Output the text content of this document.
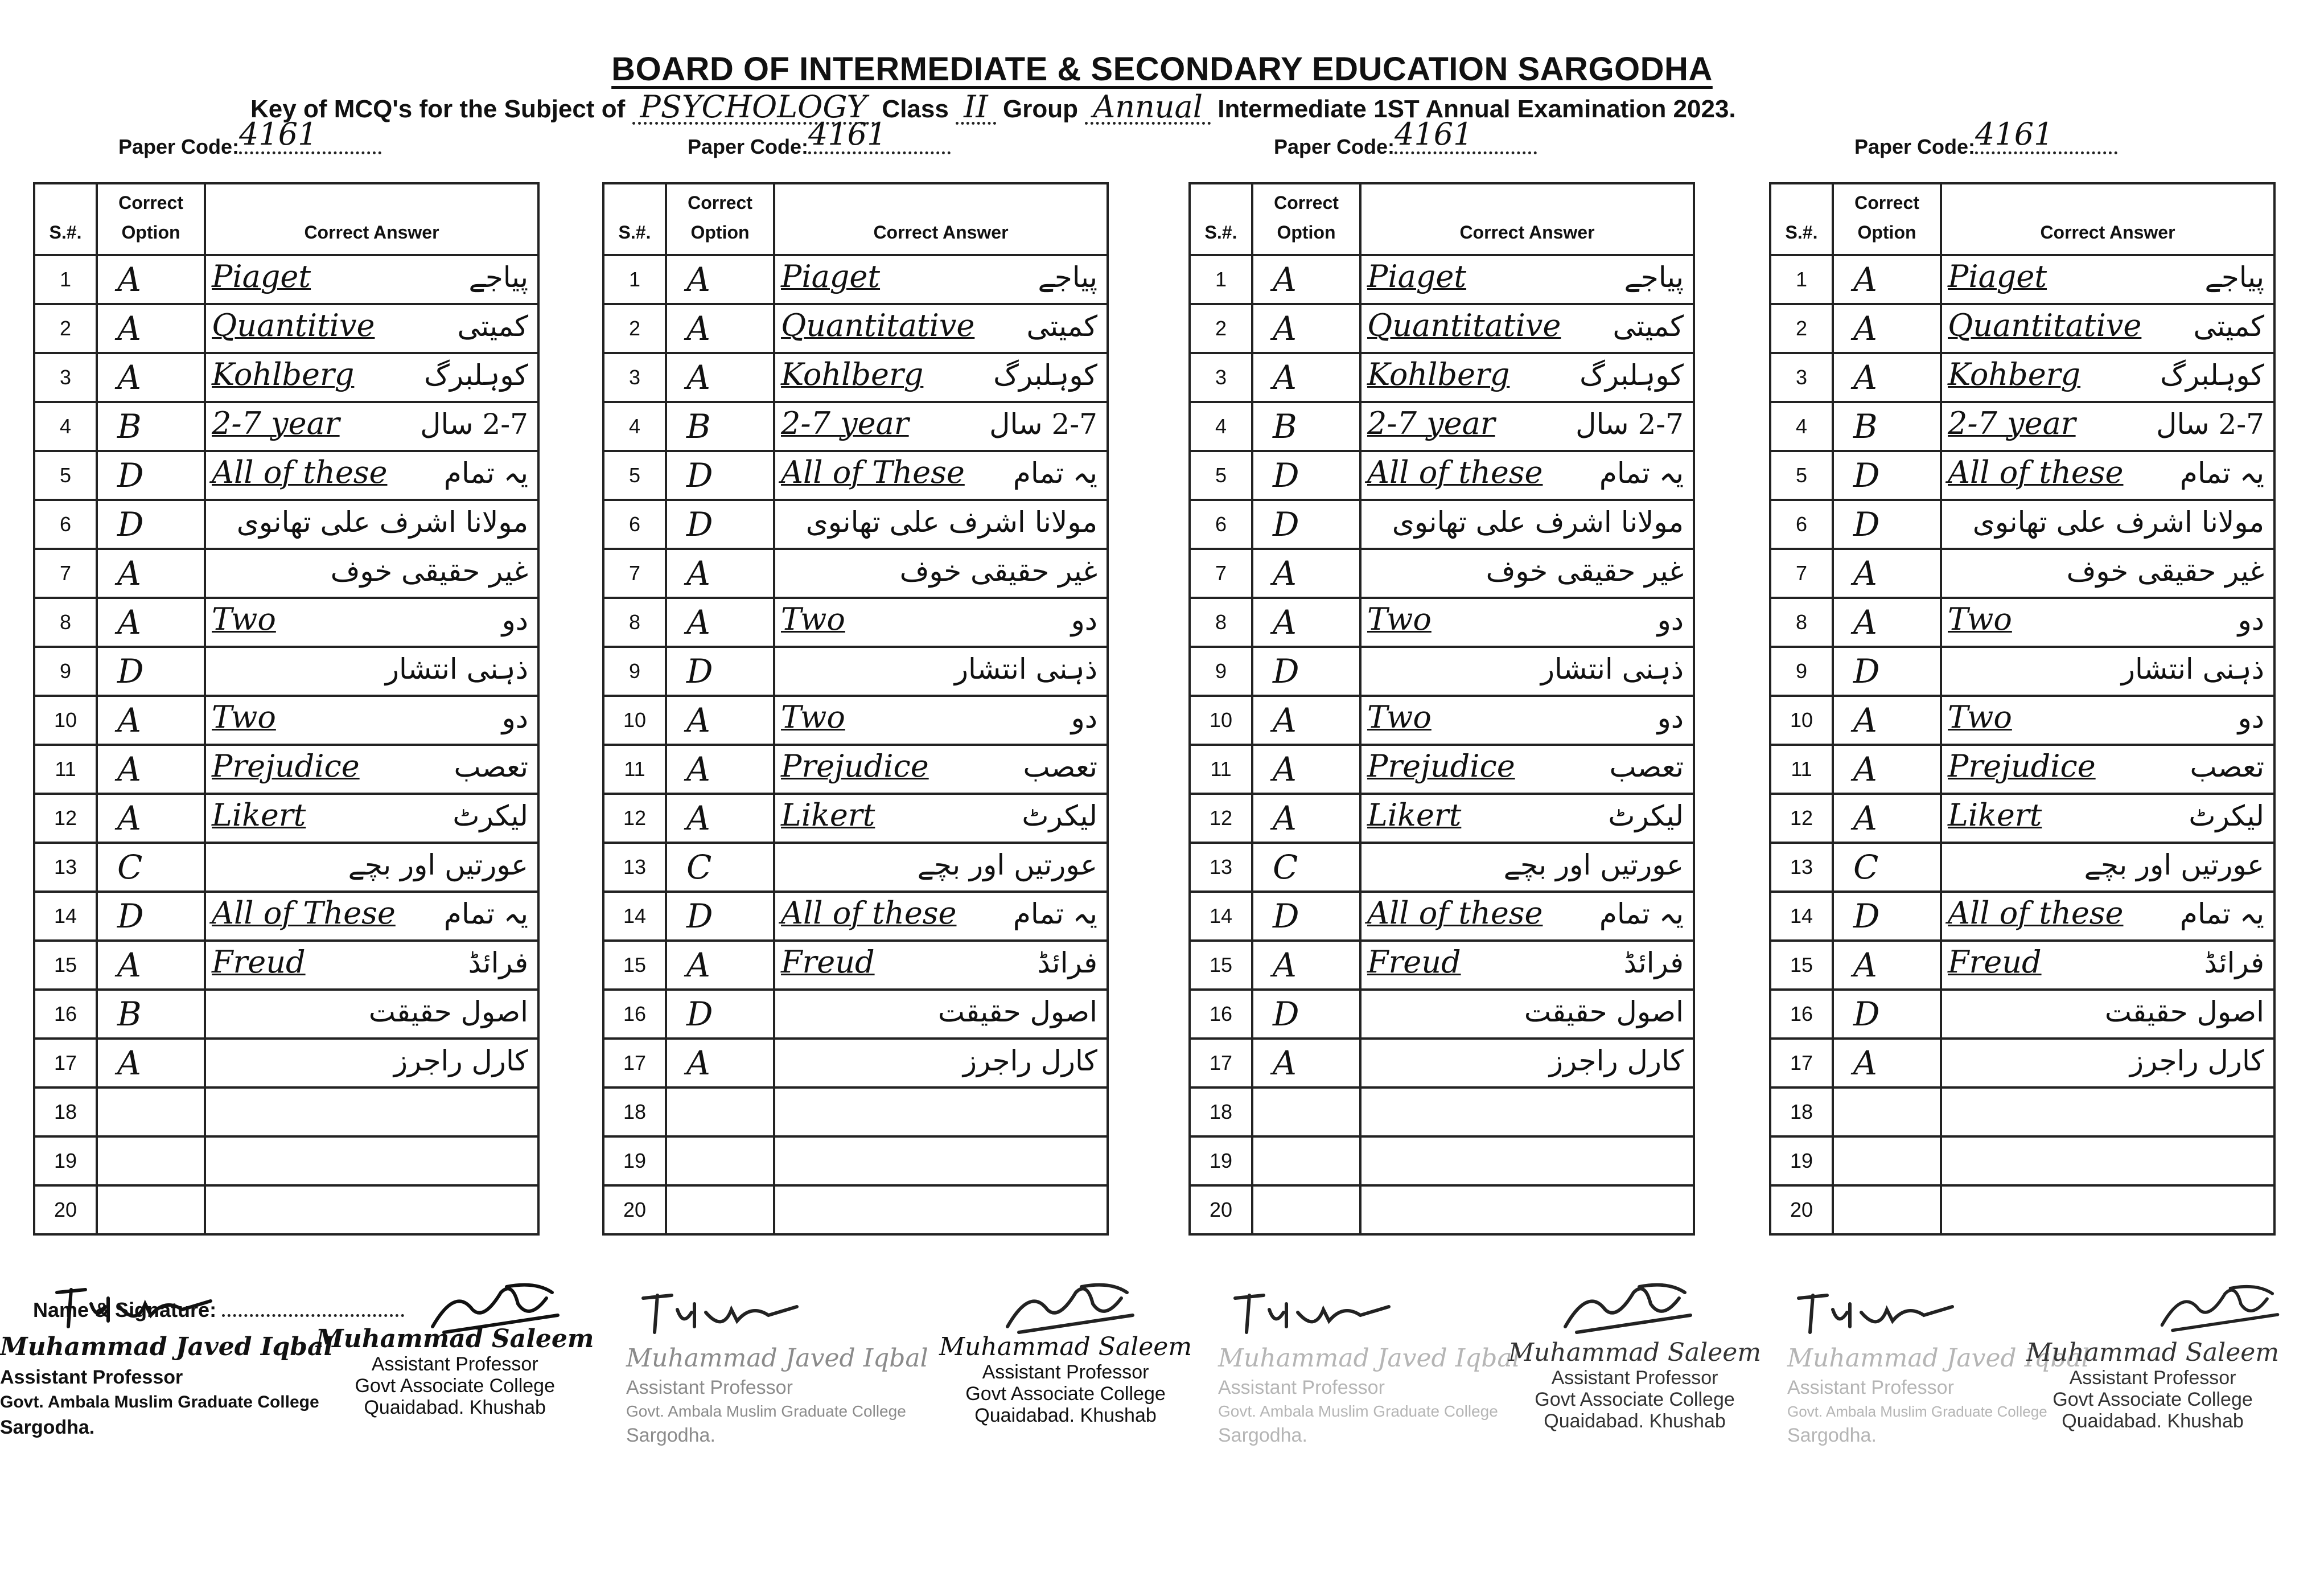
BOARD OF INTERMEDIATE & SECONDARY EDUCATION SARGODHA
Key of MCQ's for the Subject of PSYCHOLOGY Class II Group Annual Intermediate 1ST Annual Examination 2023.
Paper Code:4161
S.#.	Correct
Option	Correct Answer
1	A	Piaget پیاجے

2	A	Quantitive کمیتی

3	A	Kohlberg کوہلبرگ

4	B	2-7 year 2-7 سال

5	D	All of these یہ تمام

6	D	مولانا اشرف علی تھانوی

7	A	غیر حقیقی خوف

8	A	Two دو

9	D	ذہنی انتشار

10	A	Two دو

11	A	Prejudice تعصب

12	A	Likert لیکرٹ

13	C	عورتیں اور بچے

14	D	All of These یہ تمام

15	A	Freud فرائڈ

16	B	اصول حقیقت

17	A	کارل راجرز

18		

19		

20		
Paper Code:4161
S.#.	Correct
Option	Correct Answer
1	A	Piaget پیاجے

2	A	Quantitative کمیتی

3	A	Kohlberg کوہلبرگ

4	B	2-7 year 2-7 سال

5	D	All of These یہ تمام

6	D	مولانا اشرف علی تھانوی

7	A	غیر حقیقی خوف

8	A	Two دو

9	D	ذہنی انتشار

10	A	Two دو

11	A	Prejudice تعصب

12	A	Likert لیکرٹ

13	C	عورتیں اور بچے

14	D	All of these یہ تمام

15	A	Freud فرائڈ

16	D	اصول حقیقت

17	A	کارل راجرز

18		

19		

20		
Paper Code:4161
S.#.	Correct
Option	Correct Answer
1	A	Piaget پیاجے

2	A	Quantitative کمیتی

3	A	Kohlberg کوہلبرگ

4	B	2-7 year 2-7 سال

5	D	All of these یہ تمام

6	D	مولانا اشرف علی تھانوی

7	A	غیر حقیقی خوف

8	A	Two دو

9	D	ذہنی انتشار

10	A	Two دو

11	A	Prejudice تعصب

12	A	Likert لیکرٹ

13	C	عورتیں اور بچے

14	D	All of these یہ تمام

15	A	Freud فرائڈ

16	D	اصول حقیقت

17	A	کارل راجرز

18		

19		

20		
Paper Code:4161
S.#.	Correct
Option	Correct Answer
1	A	Piaget پیاجے

2	A	Quantitative کمیتی

3	A	Kohberg کوہلبرگ

4	B	2-7 year 2-7 سال

5	D	All of these یہ تمام

6	D	مولانا اشرف علی تھانوی

7	A	غیر حقیقی خوف

8	A	Two دو

9	D	ذہنی انتشار

10	A	Two دو

11	A	Prejudice تعصب

12	A	Likert لیکرٹ

13	C	عورتیں اور بچے

14	D	All of these یہ تمام

15	A	Freud فرائڈ

16	D	اصول حقیقت

17	A	کارل راجرز

18		

19		

20		
Name & Signature:
Muhammad Javed Iqbal
Assistant Professor
Govt. Ambala Muslim Graduate College
Sargodha.
Muhammad Saleem
Assistant Professor
Govt Associate College
Quaidabad. Khushab
Muhammad Javed Iqbal
Assistant Professor
Govt. Ambala Muslim Graduate College
Sargodha.
Muhammad Saleem
Assistant Professor
Govt Associate College
Quaidabad. Khushab
Muhammad Javed Iqbal
Assistant Professor
Govt. Ambala Muslim Graduate College
Sargodha.
Muhammad Saleem
Assistant Professor
Govt Associate College
Quaidabad. Khushab
Muhammad Javed Iqbal
Assistant Professor
Govt. Ambala Muslim Graduate College
Sargodha.
Muhammad Saleem
Assistant Professor
Govt Associate College
Quaidabad. Khushab
